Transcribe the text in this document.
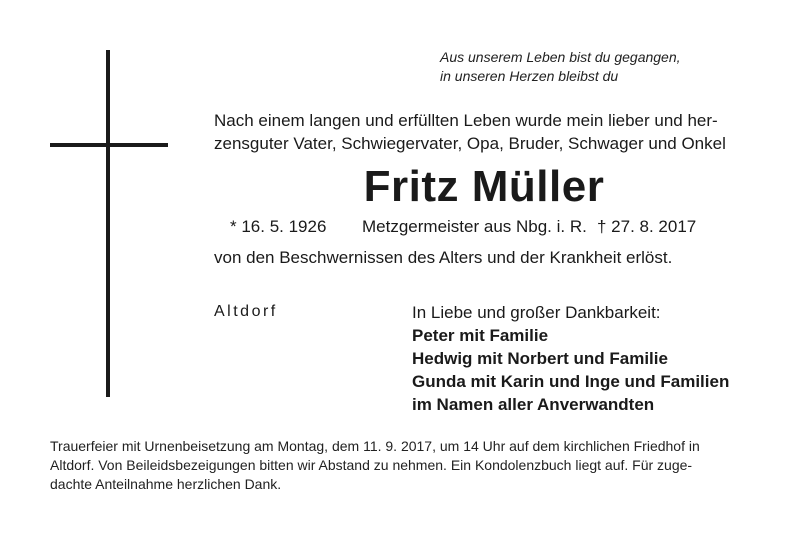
Aus unserem Leben bist du gegangen,
in unseren Herzen bleibst du
Nach einem langen und erfüllten Leben wurde mein lieber und her-
zensguter Vater, Schwiegervater, Opa, Bruder, Schwager und Onkel
Fritz Müller
* 16. 5. 1926 Metzgermeister aus Nbg. i. R. † 27. 8. 2017
von den Beschwernissen des Alters und der Krankheit erlöst.
Altdorf	In Liebe und großer Dankbarkeit:
Peter mit Familie
Hedwig mit Norbert und Familie
Gunda mit Karin und Inge und Familien
im Namen aller Anverwandten
Trauerfeier mit Urnenbeisetzung am Montag, dem 11. 9. 2017, um 14 Uhr auf dem kirchlichen Friedhof in
Altdorf. Von Beileidsbezeigungen bitten wir Abstand zu nehmen. Ein Kondolenzbuch liegt auf. Für zuge-
dachte Anteilnahme herzlichen Dank.
